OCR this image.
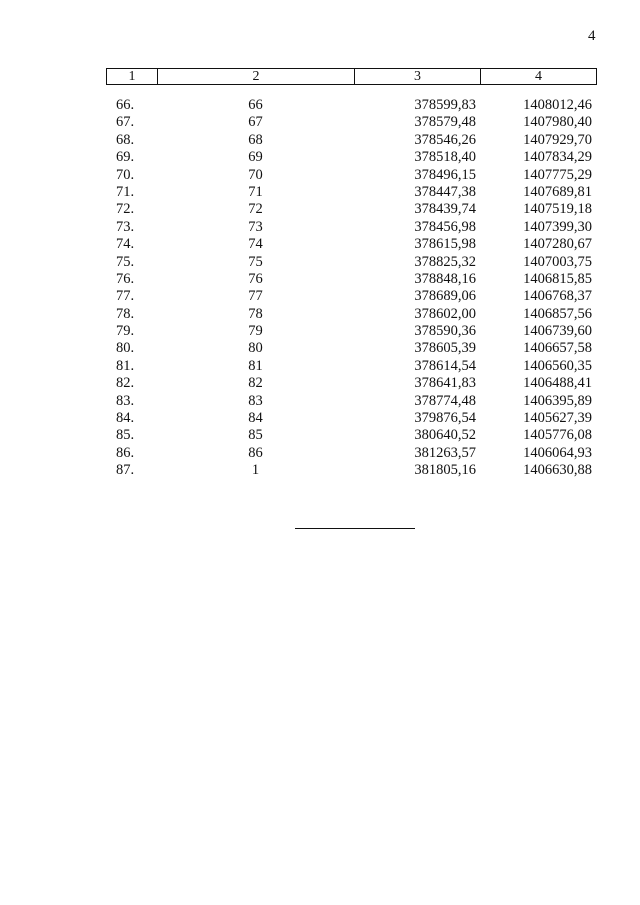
4
1	2	3	4
66.	66	378599,83	1408012,46
67.	67	378579,48	1407980,40
68.	68	378546,26	1407929,70
69.	69	378518,40	1407834,29
70.	70	378496,15	1407775,29
71.	71	378447,38	1407689,81
72.	72	378439,74	1407519,18
73.	73	378456,98	1407399,30
74.	74	378615,98	1407280,67
75.	75	378825,32	1407003,75
76.	76	378848,16	1406815,85
77.	77	378689,06	1406768,37
78.	78	378602,00	1406857,56
79.	79	378590,36	1406739,60
80.	80	378605,39	1406657,58
81.	81	378614,54	1406560,35
82.	82	378641,83	1406488,41
83.	83	378774,48	1406395,89
84.	84	379876,54	1405627,39
85.	85	380640,52	1405776,08
86.	86	381263,57	1406064,93
87.	1	381805,16	1406630,88
